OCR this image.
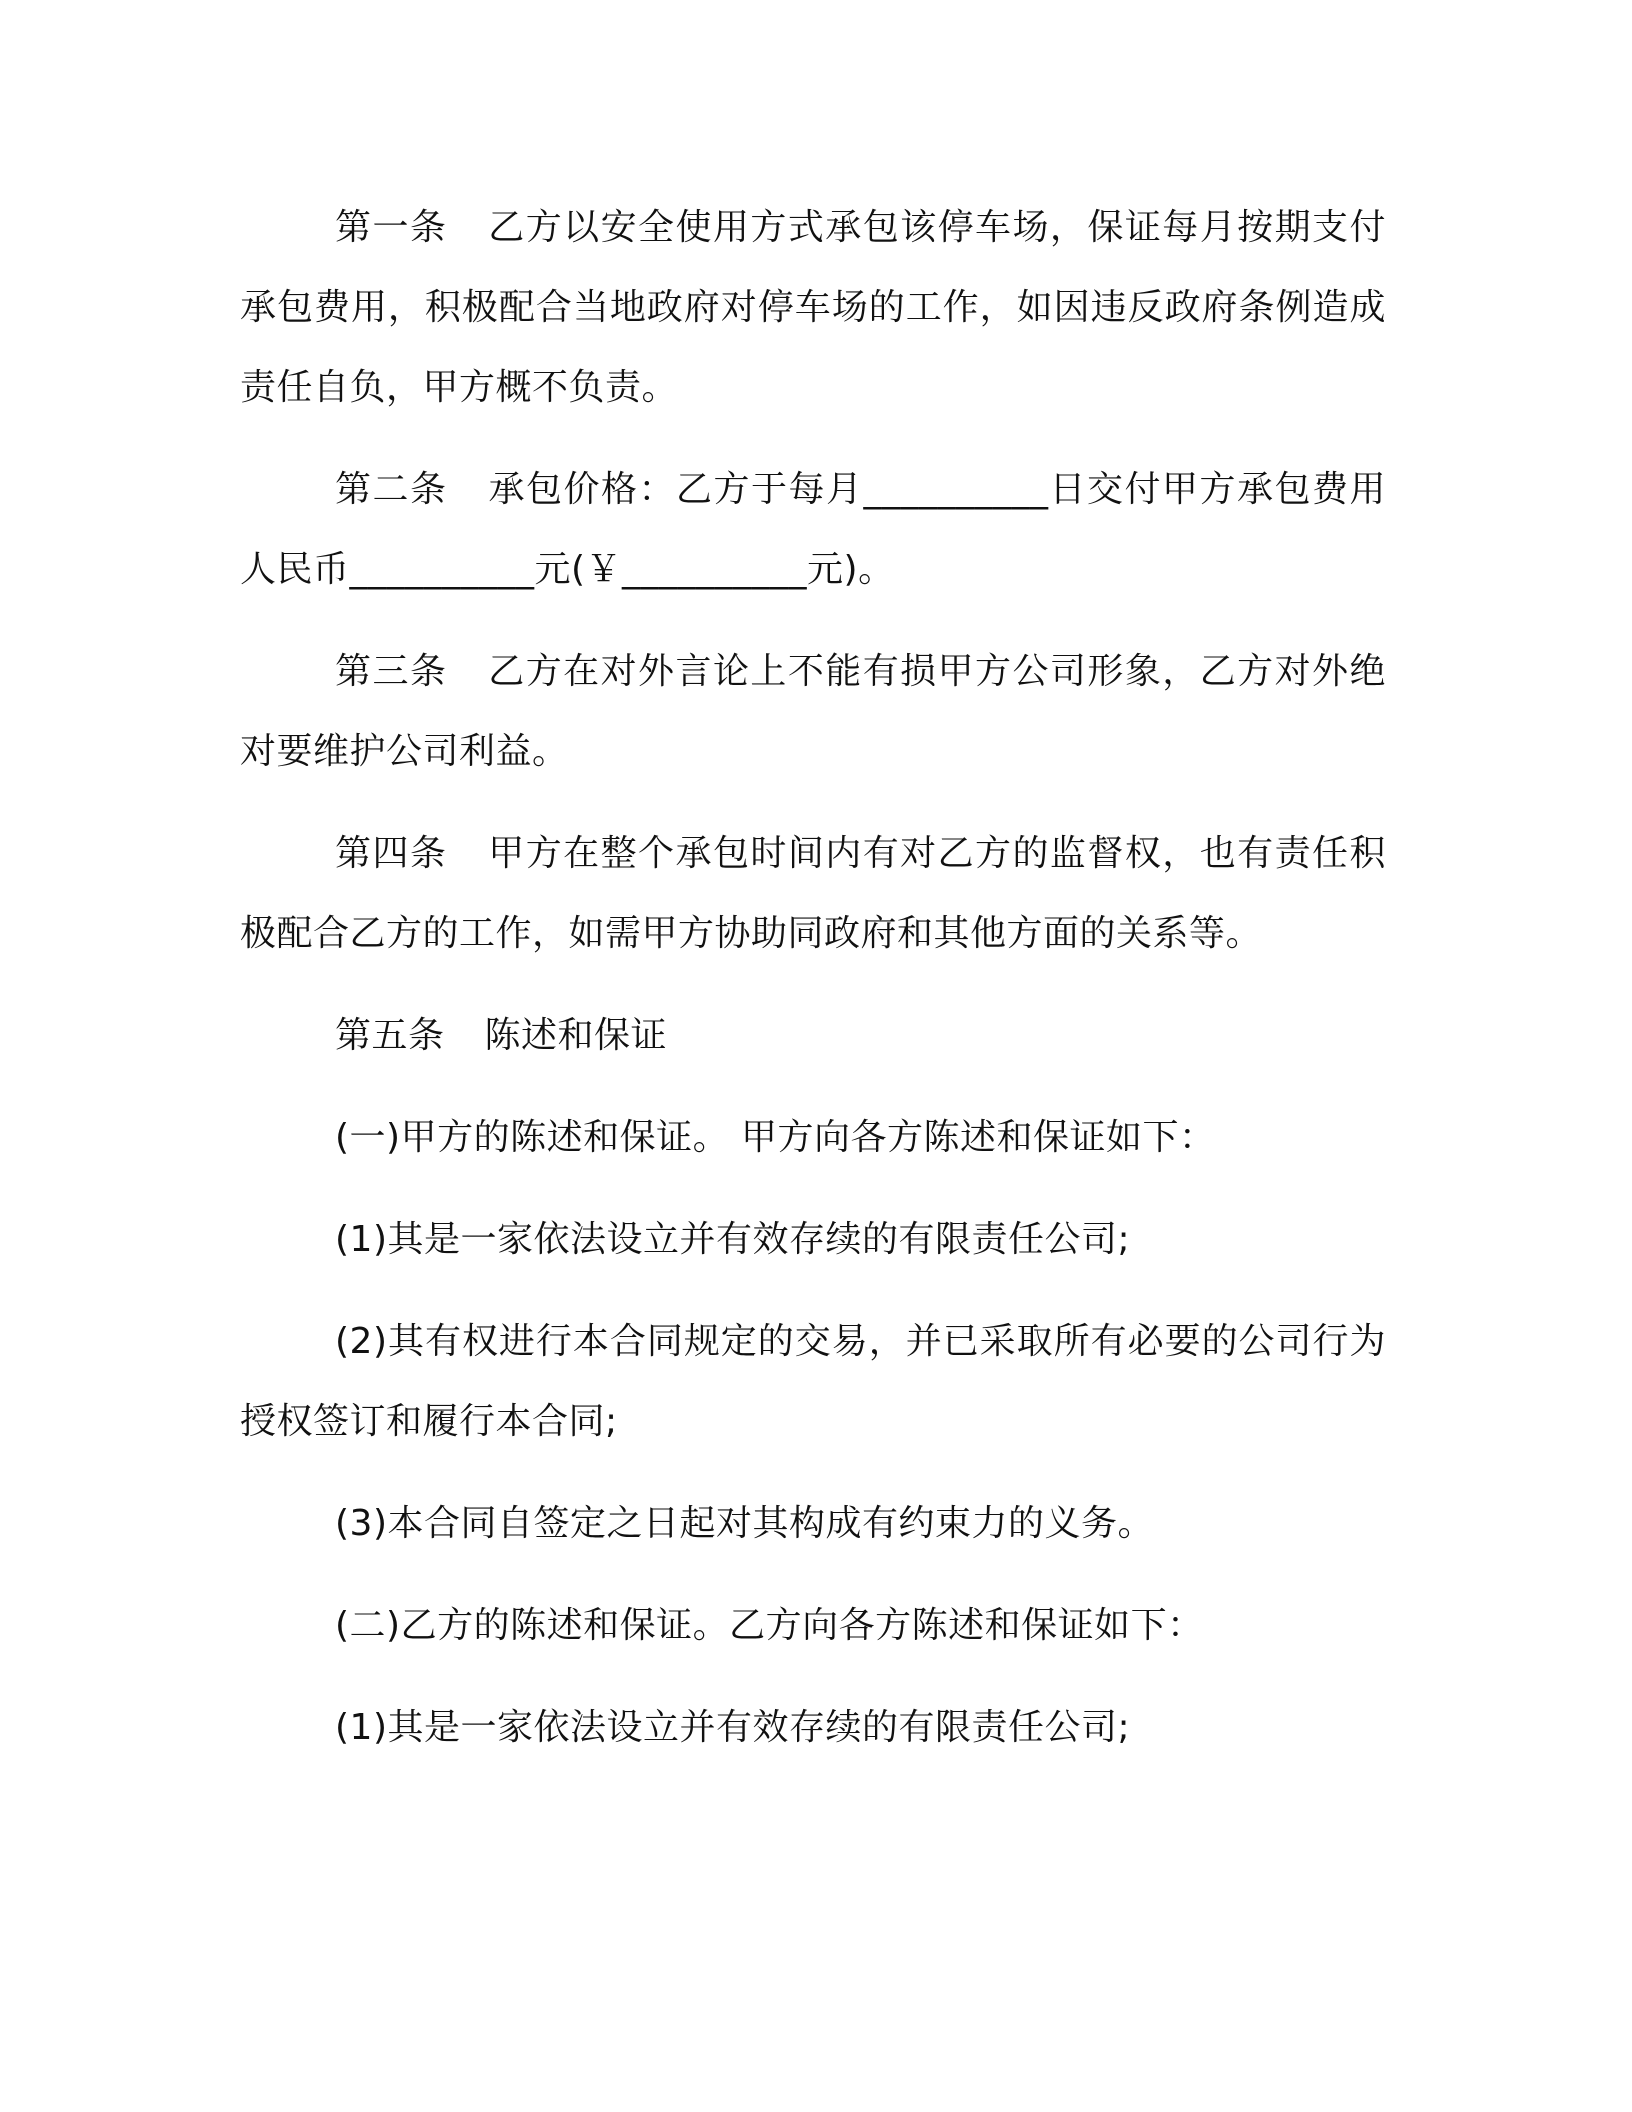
第一条 乙方以安全使用方式承包该停车场，保证每月按期支付承包费用，积极配合当地政府对停车场的工作，如因违反政府条例造成责任自负，甲方概不负责。

第二条 承包价格：乙方于每月__________日交付甲方承包费用人民币__________元(￥__________元)。

第三条 乙方在对外言论上不能有损甲方公司形象，乙方对外绝对要维护公司利益。

第四条 甲方在整个承包时间内有对乙方的监督权，也有责任积极配合乙方的工作，如需甲方协助同政府和其他方面的关系等。

第五条 陈述和保证

(一)甲方的陈述和保证。 甲方向各方陈述和保证如下：

(1)其是一家依法设立并有效存续的有限责任公司;

(2)其有权进行本合同规定的交易，并已采取所有必要的公司行为授权签订和履行本合同;

(3)本合同自签定之日起对其构成有约束力的义务。

(二)乙方的陈述和保证。乙方向各方陈述和保证如下：

(1)其是一家依法设立并有效存续的有限责任公司;
